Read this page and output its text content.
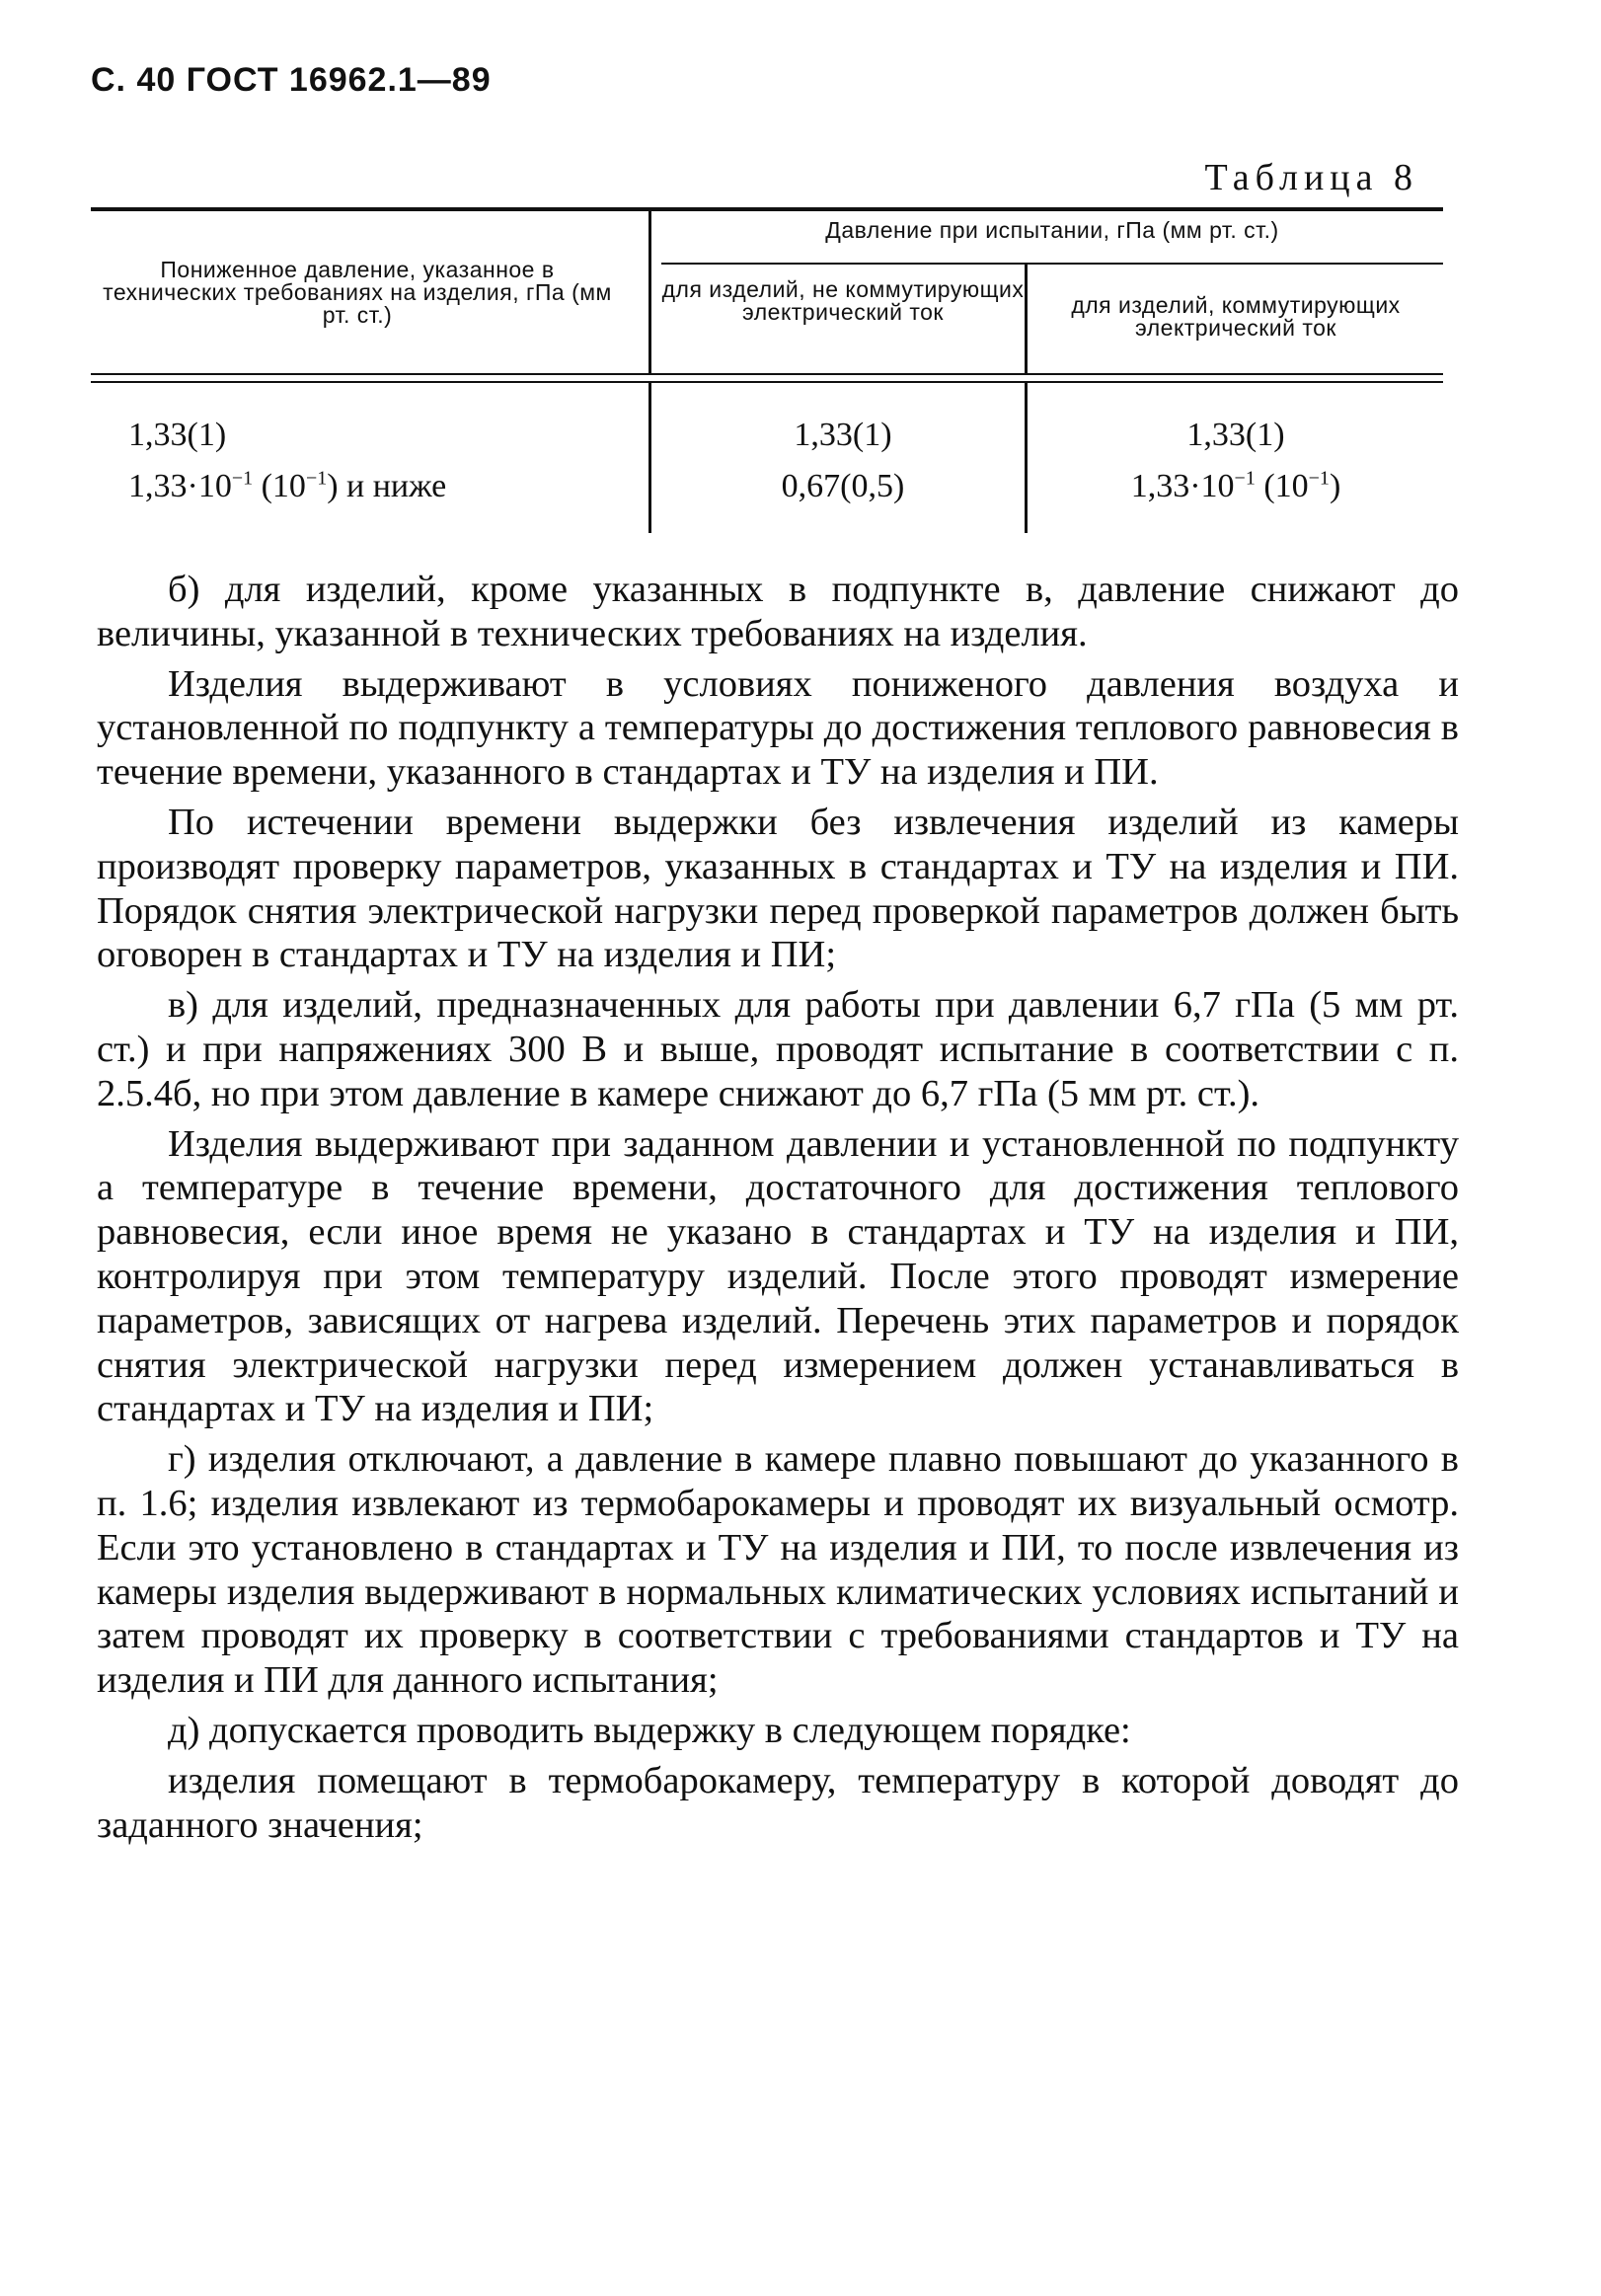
С. 40 ГОСТ 16962.1—89
Таблица 8
Пониженное давление, указанное в технических требованиях на изделия, гПа (мм рт. ст.)
Давление при испытании, гПа (мм рт. ст.)
для изделий, не коммутирующих электрический ток	для изделий, коммутирующих электрический ток
1,33(1)
$1,33\cdot 10^{-1}$ $(10^{-1})$ и ниже
1,33(1)
0,67(0,5)
1,33(1)
$1,33\cdot 10^{-1}$ $(10^{-1})$

б) для изделий, кроме указанных в подпункте в, давление снижают до величины, указанной в технических требованиях на изделия.

Изделия выдерживают в условиях пониженого давления воздуха и установленной по подпункту а температуры до достижения теплового равновесия в течение времени, указанного в стандартах и ТУ на изделия и ПИ.

По истечении времени выдержки без извлечения изделий из камеры производят проверку параметров, указанных в стандартах и ТУ на изделия и ПИ. Порядок снятия электрической нагрузки перед проверкой параметров должен быть оговорен в стандартах и ТУ на изделия и ПИ;

в) для изделий, предназначенных для работы при давлении 6,7 гПа (5 мм рт. ст.) и при напряжениях 300 В и выше, проводят испытание в соответствии с п. 2.5.4б, но при этом давление в камере снижают до 6,7 гПа (5 мм рт. ст.).

Изделия выдерживают при заданном давлении и установленной по подпункту а температуре в течение времени, достаточного для достижения теплового равновесия, если иное время не указано в стандартах и ТУ на изделия и ПИ, контролируя при этом температуру изделий. После этого проводят измерение параметров, зависящих от нагрева изделий. Перечень этих параметров и порядок снятия электрической нагрузки перед измерением должен устанавливаться в стандартах и ТУ на изделия и ПИ;

г) изделия отключают, а давление в камере плавно повышают до указанного в п. 1.6; изделия извлекают из термобарокамеры и проводят их визуальный осмотр. Если это установлено в стандартах и ТУ на изделия и ПИ, то после извлечения из камеры изделия выдерживают в нормальных климатических условиях испытаний и затем проводят их проверку в соответствии с требованиями стандартов и ТУ на изделия и ПИ для данного испытания;

д) допускается проводить выдержку в следующем порядке:

изделия помещают в термобарокамеру, температуру в которой доводят до заданного значения;
